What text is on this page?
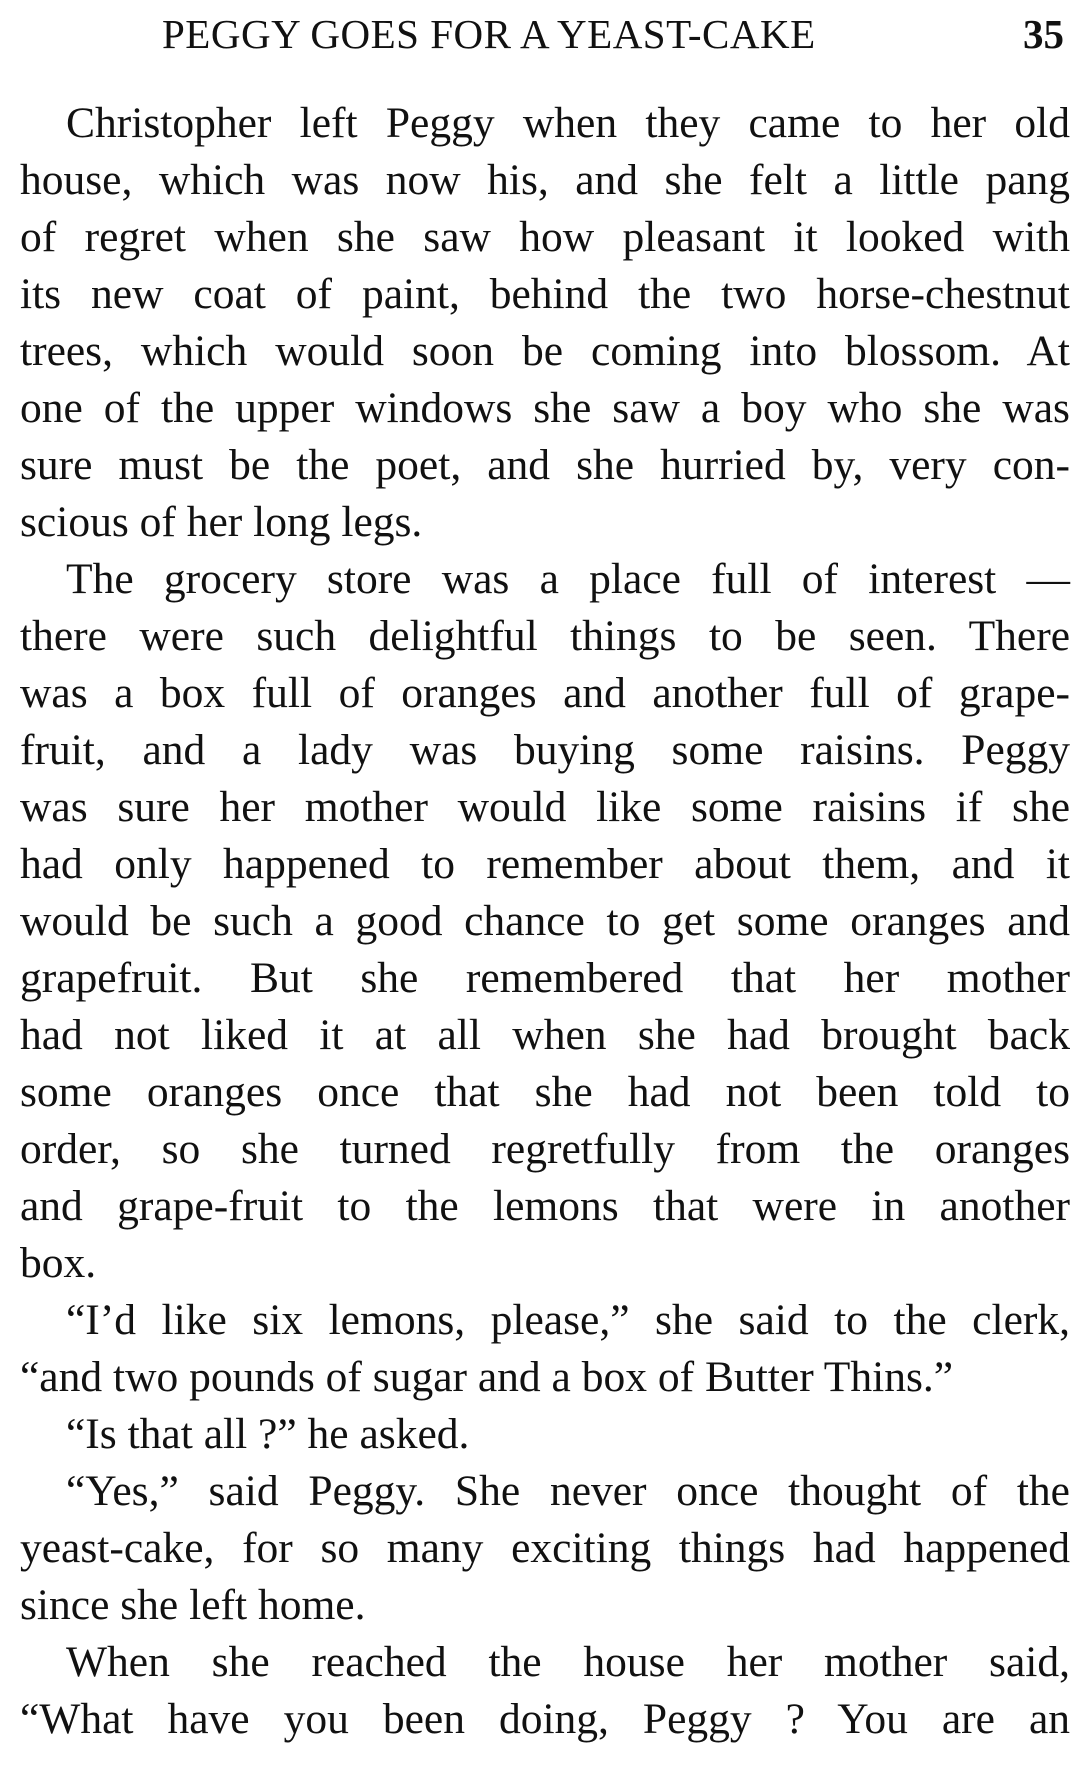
PEGGY GOES FOR A YEAST-CAKE	35
Christopher left Peggy when they came to her old
house, which was now his, and she felt a little pang
of regret when she saw how pleasant it looked with
its new coat of paint, behind the two horse-chestnut
trees, which would soon be coming into blossom. At
one of the upper windows she saw a boy who she was
sure must be the poet, and she hurried by, very con-
scious of her long legs.
The grocery store was a place full of interest —
there were such delightful things to be seen. There
was a box full of oranges and another full of grape-
fruit, and a lady was buying some raisins. Peggy
was sure her mother would like some raisins if she
had only happened to remember about them, and it
would be such a good chance to get some oranges and
grapefruit. But she remembered that her mother
had not liked it at all when she had brought back
some oranges once that she had not been told to
order, so she turned regretfully from the oranges
and grape-fruit to the lemons that were in another
box.
“I’d like six lemons, please,” she said to the clerk,
“and two pounds of sugar and a box of Butter Thins.”
“Is that all ?” he asked.
“Yes,” said Peggy. She never once thought of the
yeast-cake, for so many exciting things had happened
since she left home.
When she reached the house her mother said,
“What have you been doing, Peggy ? You are an
